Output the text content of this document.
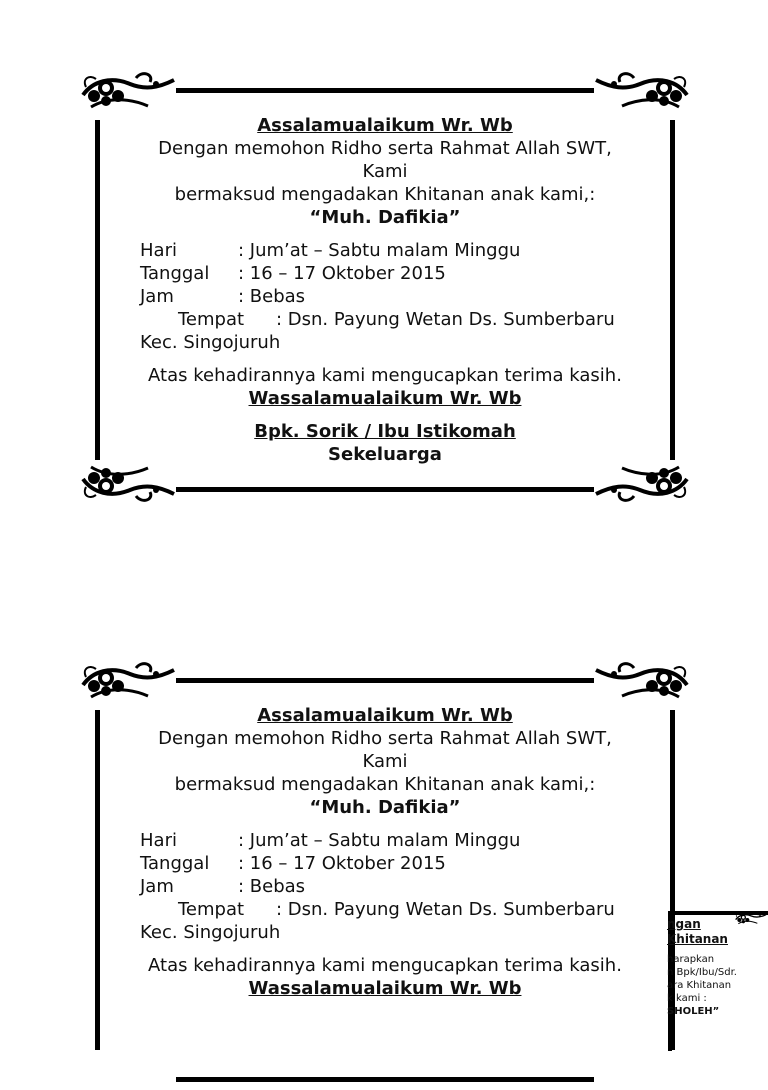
Assalamualaikum Wr. Wb
Dengan memohon Ridho serta Rahmat Allah SWT,
Kami
bermaksud mengadakan Khitanan anak kami,:
“Muh. Dafikia”
Hari	: Jum’at – Sabtu malam Minggu
Tanggal : 16 – 17 Oktober 2015
Jam	: Bebas
Tempat : Dsn. Payung Wetan Ds. Sumberbaru
Kec. Singojuruh
Atas kehadirannya kami mengucapkan terima kasih.
Wassalamualaikum Wr. Wb
Bpk. Sorik / Ibu Istikomah
Sekeluarga
Assalamualaikum Wr. Wb
Dengan memohon Ridho serta Rahmat Allah SWT,
Kami
bermaksud mengadakan Khitanan anak kami,:
“Muh. Dafikia”
Hari	: Jum’at – Sabtu malam Minggu
Tanggal : 16 – 17 Oktober 2015
Jam	: Bebas
Tempat : Dsn. Payung Wetan Ds. Sumberbaru
Kec. Singojuruh
Atas kehadirannya kami mengucapkan terima kasih.
Wassalamualaikum Wr. Wb
ngan
Khitanan
harapkan
n Bpk/Ibu/Sdr.
ara Khitanan
k kami :
SHOLEH”
